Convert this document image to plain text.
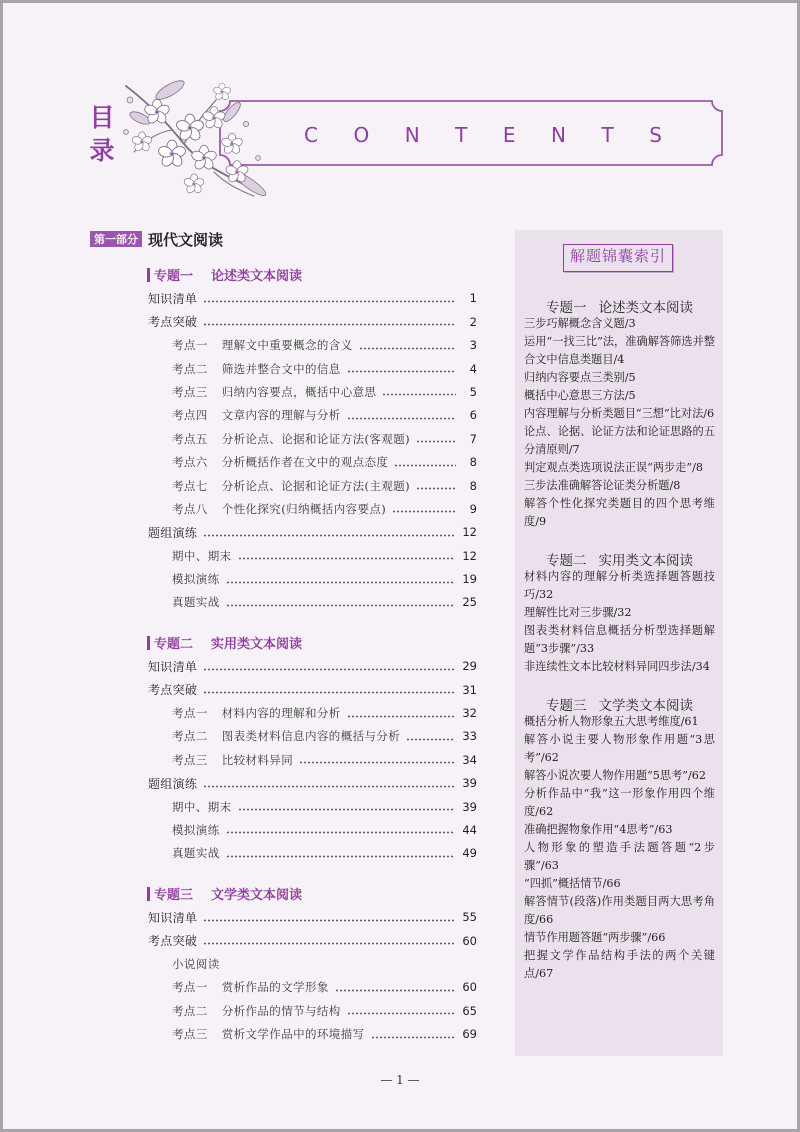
目录	CONTENTS
第一部分 现代文阅读
专题一 论述类文本阅读
知识清单	1
考点突破	2
考点一 理解文中重要概念的含义	3
考点二 筛选并整合文中的信息	4
考点三 归纳内容要点，概括中心意思	5
考点四 文章内容的理解与分析	6
考点五 分析论点、论据和论证方法(客观题)	7
考点六 分析概括作者在文中的观点态度	8
考点七 分析论点、论据和论证方法(主观题)	8
考点八 个性化探究(归纳概括内容要点)	9
题组演练	12
期中、期末	12
模拟演练	19
真题实战	25
专题二 实用类文本阅读
知识清单	29
考点突破	31
考点一 材料内容的理解和分析	32
考点二 图表类材料信息内容的概括与分析	33
考点三 比较材料异同	34
题组演练	39
期中、期末	39
模拟演练	44
真题实战	49
专题三 文学类文本阅读
知识清单	55
考点突破	60
小说阅读
考点一 赏析作品的文学形象	60
考点二 分析作品的情节与结构	65
考点三 赏析文学作品中的环境描写	69
解题锦囊索引
专题一 论述类文本阅读

三步巧解概念含义题/3

运用“一找三比”法，准确解答筛选并整合文中信息类题目/4

归纳内容要点三类别/5

概括中心意思三方法/5

内容理解与分析类题目“三想”比对法/6

论点、论据、论证方法和论证思路的五分清原则/7

判定观点类选项说法正误“两步走”/8

三步法准确解答论证类分析题/8

解答个性化探究类题目的四个思考维度/9

专题二 实用类文本阅读

材料内容的理解分析类选择题答题技巧/32

理解性比对三步骤/32

图表类材料信息概括分析型选择题解题“3步骤”/33

非连续性文本比较材料异同四步法/34

专题三 文学类文本阅读

概括分析人物形象五大思考维度/61

解答小说主要人物形象作用题“3思考”/62

解答小说次要人物作用题“5思考”/62

分析作品中“我”这一形象作用四个维度/62

准确把握物象作用“4思考”/63

人物形象的塑造手法题答题“2步骤”/63

“四抓”概括情节/66

解答情节(段落)作用类题目两大思考角度/66

情节作用题答题“两步骤”/66

把握文学作品结构手法的两个关键点/67

— 1 —
